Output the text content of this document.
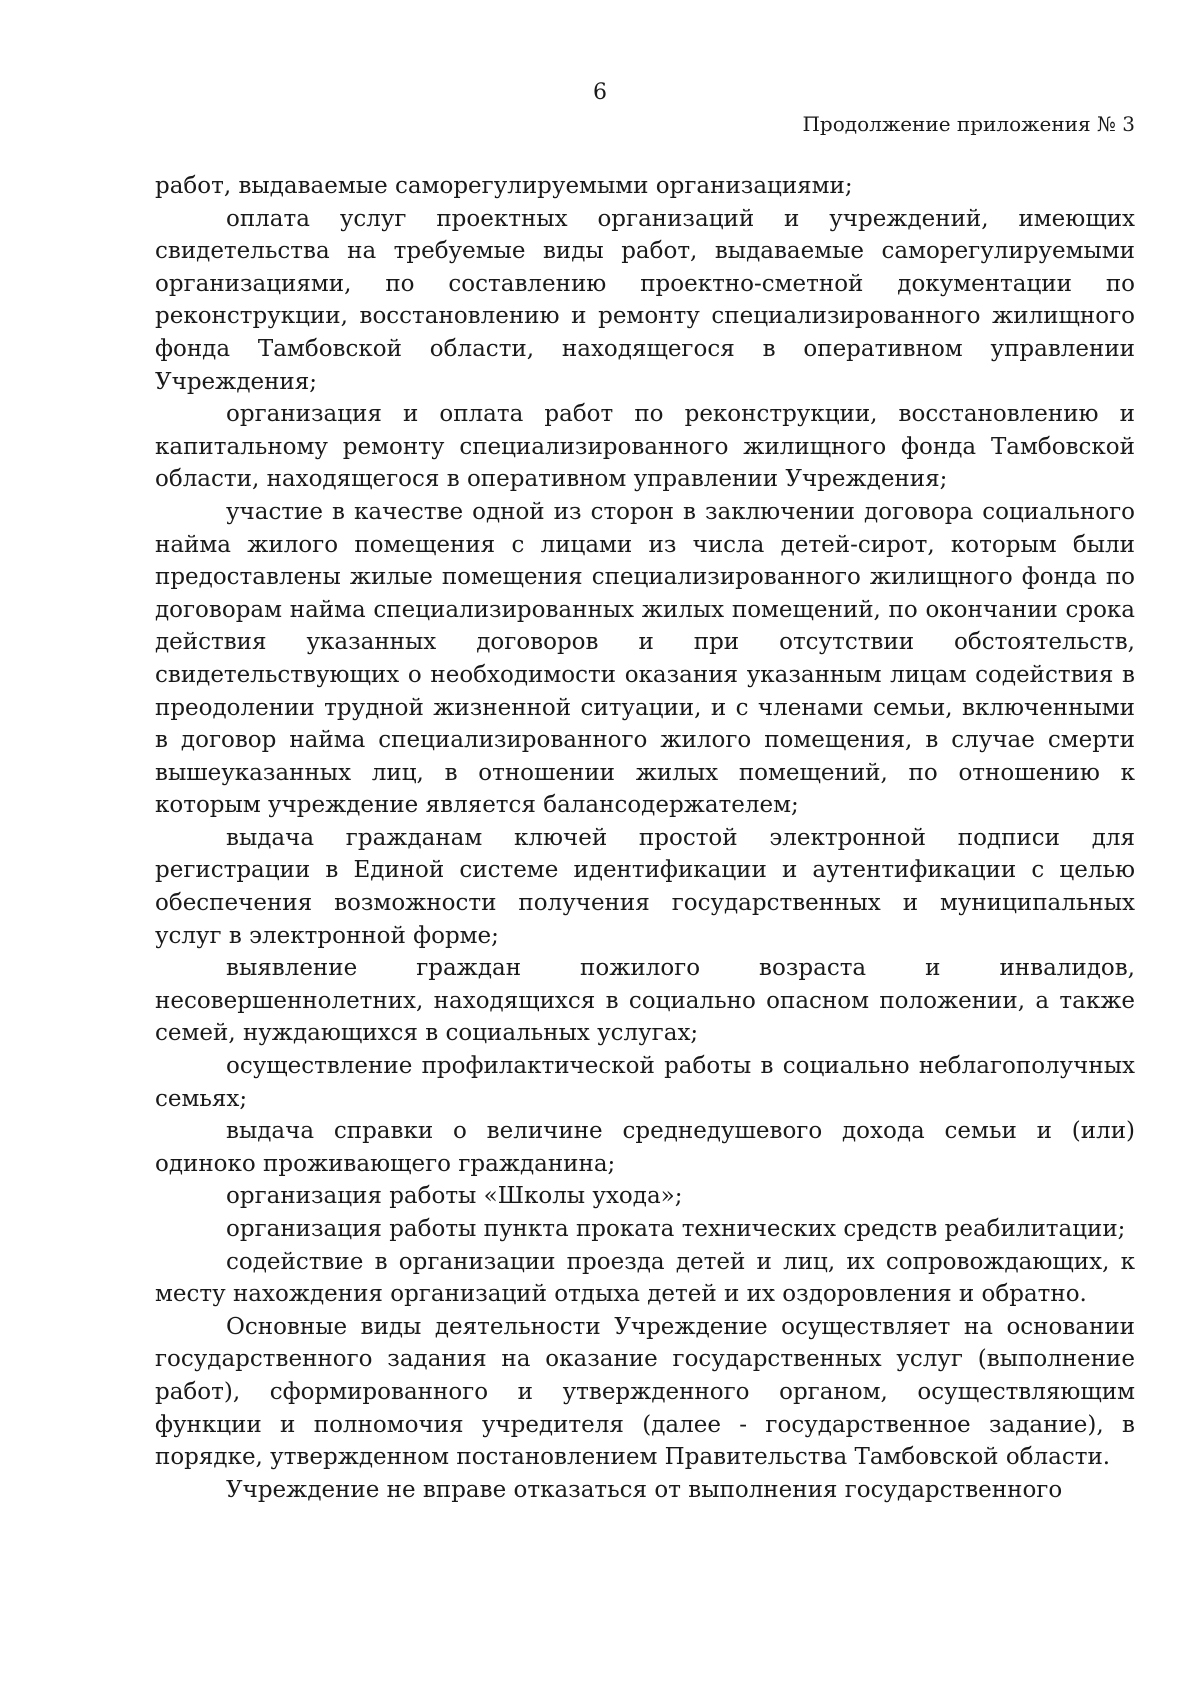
6
Продолжение приложения № 3

работ, выдаваемые саморегулируемыми организациями;

оплата услуг проектных организаций и учреждений, имеющих свидетельства на требуемые виды работ, выдаваемые саморегулируемыми организациями, по составлению проектно-сметной документации по реконструкции, восстановлению и ремонту специализированного жилищного фонда Тамбовской области, находящегося в оперативном управлении Учреждения;

организация и оплата работ по реконструкции, восстановлению и капитальному ремонту специализированного жилищного фонда Тамбовской области, находящегося в оперативном управлении Учреждения;

участие в качестве одной из сторон в заключении договора социального найма жилого помещения с лицами из числа детей-сирот, которым были предоставлены жилые помещения специализированного жилищного фонда по договорам найма специализированных жилых помещений, по окончании срока действия указанных договоров и при отсутствии обстоятельств, свидетельствующих о необходимости оказания указанным лицам содействия в преодолении трудной жизненной ситуации, и с членами семьи, включенными в договор найма специализированного жилого помещения, в случае смерти вышеуказанных лиц, в отношении жилых помещений, по отношению к которым учреждение является балансодержателем;

выдача гражданам ключей простой электронной подписи для регистрации в Единой системе идентификации и аутентификации с целью обеспечения возможности получения государственных и муниципальных услуг в электронной форме;

выявление граждан пожилого возраста и инвалидов, несовершеннолетних, находящихся в социально опасном положении, а также семей, нуждающихся в социальных услугах;

осуществление профилактической работы в социально неблагополучных семьях;

выдача справки о величине среднедушевого дохода семьи и (или) одиноко проживающего гражданина;

организация работы «Школы ухода»;

организация работы пункта проката технических средств реабилитации;

содействие в организации проезда детей и лиц, их сопровождающих, к месту нахождения организаций отдыха детей и их оздоровления и обратно.

Основные виды деятельности Учреждение осуществляет на основании государственного задания на оказание государственных услуг (выполнение работ), сформированного и утвержденного органом, осуществляющим функции и полномочия учредителя (далее - государственное задание), в порядке, утвержденном постановлением Правительства Тамбовской области.

Учреждение не вправе отказаться от выполнения государственного
